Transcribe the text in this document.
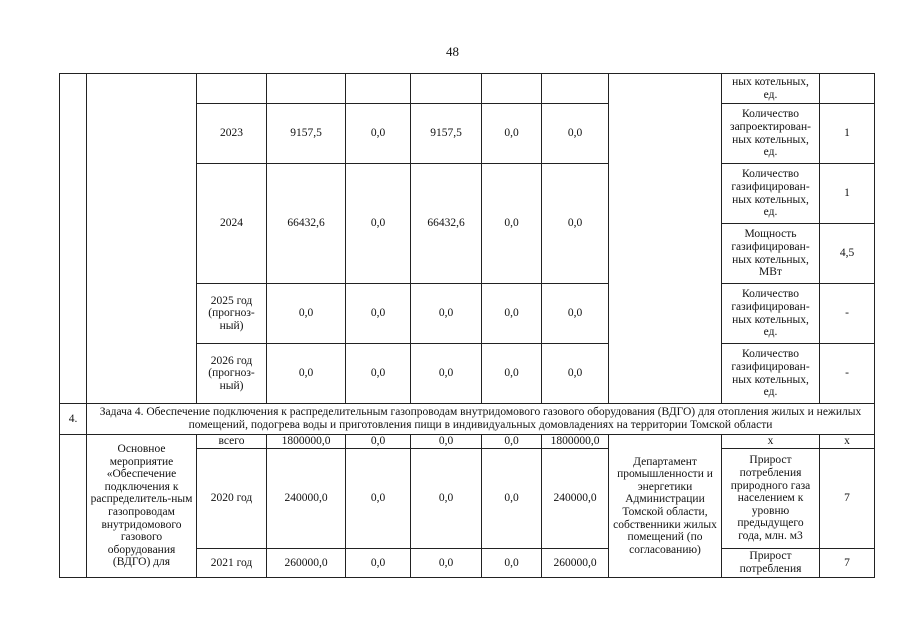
48
									ных котельных, ед.	
		2023	9157,5	0,0	9157,5	0,0	0,0		Количество запроектирован-ных котельных, ед.	1
		2024	66432,6	0,0	66432,6	0,0	0,0		Количество газифицирован-ных котельных, ед.	1
									Мощность газифицирован-ных котельных, МВт	4,5
		2025 год (прогноз-ный)	0,0	0,0	0,0	0,0	0,0		Количество газифицирован-ных котельных, ед.	-
		2026 год (прогноз-ный)	0,0	0,0	0,0	0,0	0,0		Количество газифицирован-ных котельных, ед.	-
4.	Задача 4. Обеспечение подключения к распределительным газопроводам внутридомового газового оборудования (ВДГО) для отопления жилых и нежилых помещений, подогрева воды и приготовления пищи в индивидуальных домовладениях на территории Томской области									
	Основное мероприятие «Обеспечение подключения к распределитель-ным газопроводам внутридомового газового оборудования (ВДГО) для	всего	1800000,0	0,0	0,0	0,0	1800000,0	Департамент промышленности и энергетики Администрации Томской области, собственники жилых помещений (по согласованию)	х	х
		2020 год	240000,0	0,0	0,0	0,0	240000,0		Прирост потребления природного газа населением к уровню предыдущего года, млн. м3	7
		2021 год	260000,0	0,0	0,0	0,0	260000,0		Прирост потребления	7
